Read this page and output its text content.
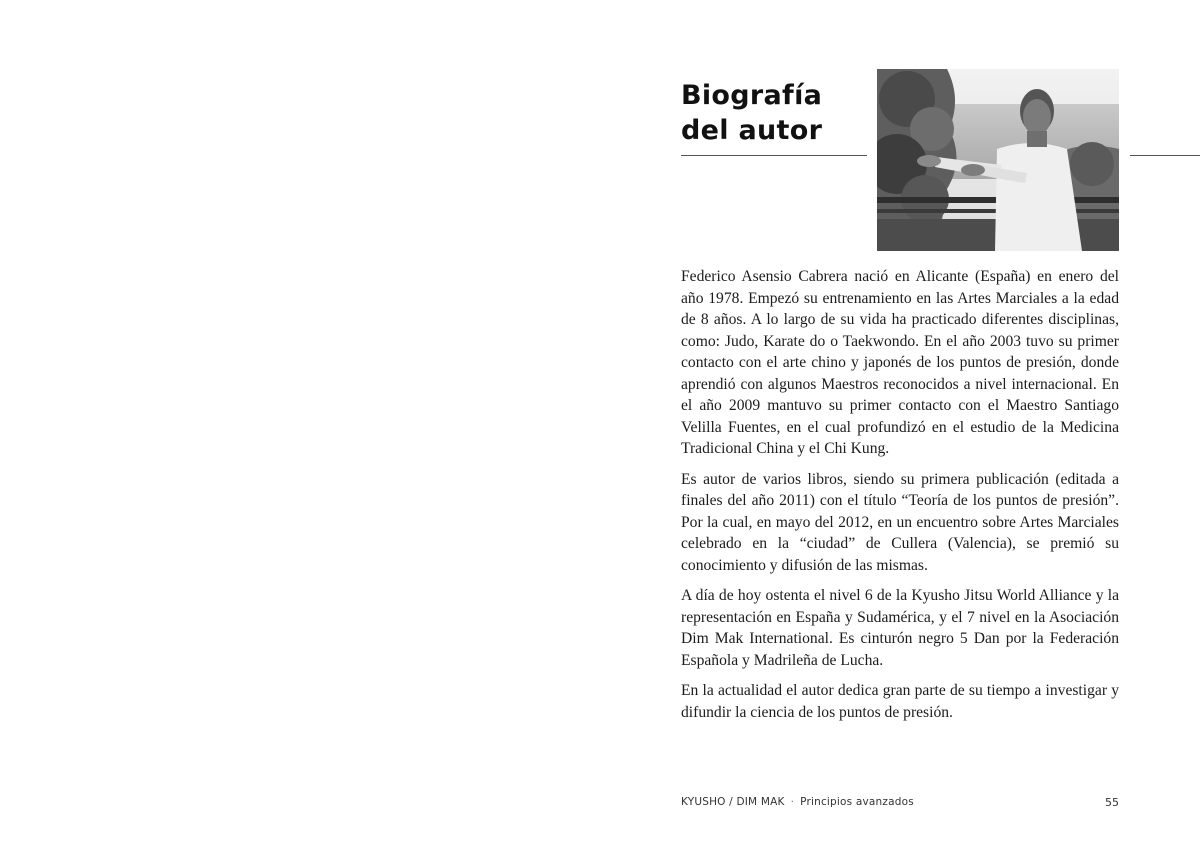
Biografía
del autor

Federico Asensio Cabrera nació en Alicante (España) en enero del año 1978. Empezó su entrenamiento en las Artes Marciales a la edad de 8 años. A lo largo de su vida ha practicado diferentes disciplinas, como: Judo, Karate do o Taekwondo. En el año 2003 tuvo su primer contacto con el arte chino y japonés de los puntos de presión, donde aprendió con algunos Maestros reconocidos a nivel internacional. En el año 2009 mantuvo su primer contacto con el Maestro Santiago Velilla Fuentes, en el cual profundizó en el estudio de la Medicina Tradicional China y el Chi Kung.

Es autor de varios libros, siendo su primera publicación (editada a finales del año 2011) con el título “Teoría de los puntos de presión”. Por la cual, en mayo del 2012, en un encuentro sobre Artes Marciales celebrado en la “ciudad” de Cullera (Valencia), se premió su conocimiento y difusión de las mismas.

A día de hoy ostenta el nivel 6 de la Kyusho Jitsu World Alliance y la representación en España y Sudamérica, y el 7 nivel en la Asociación Dim Mak International. Es cinturón negro 5 Dan por la Federación Española y Madrileña de Lucha.

En la actualidad el autor dedica gran parte de su tiempo a investigar y difundir la ciencia de los puntos de presión.

KYUSHO / DIM MAK · Principios avanzados	55
